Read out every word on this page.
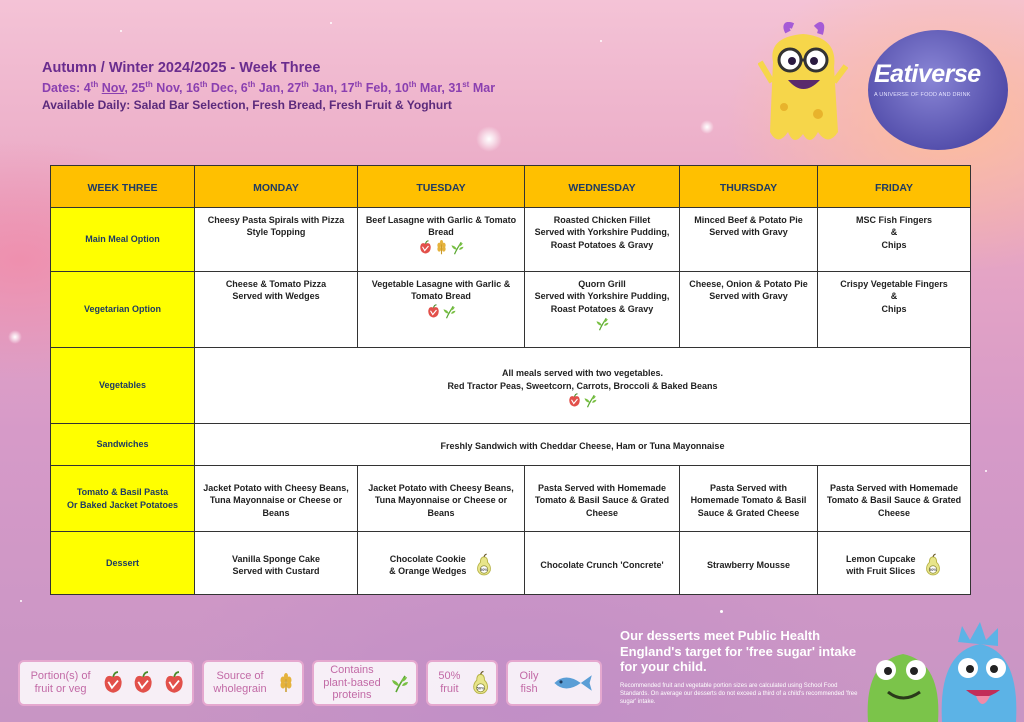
Autumn / Winter 2024/2025 - Week Three
Dates: 4th Nov, 25th Nov, 16th Dec, 6th Jan, 27th Jan, 17th Feb, 10th Mar, 31st Mar
Available Daily: Salad Bar Selection, Fresh Bread, Fresh Fruit & Yoghurt
Eativerse
A UNIVERSE OF FOOD AND DRINK
WEEK THREE	MONDAY	TUESDAY	WEDNESDAY	THURSDAY	FRIDAY
Main Meal Option	Cheesy Pasta Spirals with Pizza Style Topping	Beef Lasagne with Garlic & Tomato Bread	Roasted Chicken Fillet
Served with Yorkshire Pudding,
Roast Potatoes & Gravy	Minced Beef & Potato Pie
Served with Gravy	MSC Fish Fingers
&
Chips
Vegetarian Option	Cheese & Tomato Pizza
Served with Wedges	Vegetable Lasagne with Garlic & Tomato Bread	Quorn Grill
Served with Yorkshire Pudding,
Roast Potatoes & Gravy	Cheese, Onion & Potato Pie
Served with Gravy	Crispy Vegetable Fingers
&
Chips
Vegetables	All meals served with two vegetables.
Red Tractor Peas, Sweetcorn, Carrots, Broccoli & Baked Beans				

Sandwiches	Freshly Sandwich with Cheddar Cheese, Ham or Tuna Mayonnaise				
Tomato & Basil Pasta
Or Baked Jacket Potatoes	Jacket Potato with Cheesy Beans,
Tuna Mayonnaise or Cheese or
Beans	Jacket Potato with Cheesy Beans,
Tuna Mayonnaise or Cheese or
Beans	Pasta Served with Homemade
Tomato & Basil Sauce & Grated
Cheese	Pasta Served with
Homemade Tomato & Basil
Sauce & Grated Cheese	Pasta Served with Homemade
Tomato & Basil Sauce & Grated
Cheese
Dessert	Vanilla Sponge Cake
Served with Custard	Chocolate Cookie
& Orange Wedges	Chocolate Crunch 'Concrete'	Strawberry Mousse	Lemon Cupcake
with Fruit Slices
Portion(s) of fruit or veg
Source of wholegrain
Contains plant-based proteins
50% fruit
Oily fish
Our desserts meet Public Health England's target for 'free sugar' intake for your child.
Recommended fruit and vegetable portion sizes are calculated using School Food Standards. On average our desserts do not exceed a third of a child's recommended 'free sugar' intake.
